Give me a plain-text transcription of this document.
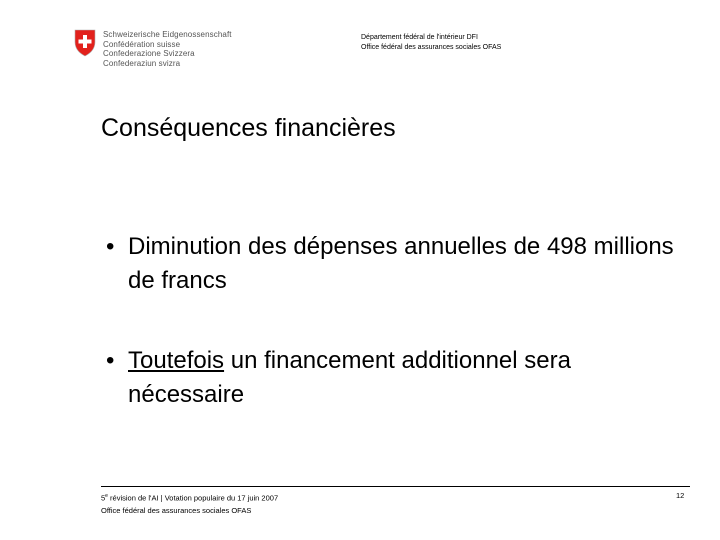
Schweizerische Eidgenossenschaft
Confédération suisse
Confederazione Svizzera
Confederaziun svizra
Département fédéral de l'intérieur DFI
Office fédéral des assurances sociales OFAS
Conséquences financières
• Diminution des dépenses annuelles de 498 millions de francs
• Toutefois un financement additionnel sera nécessaire
5e révision de l'AI | Votation populaire du 17 juin 2007
Office fédéral des assurances sociales OFAS
12
